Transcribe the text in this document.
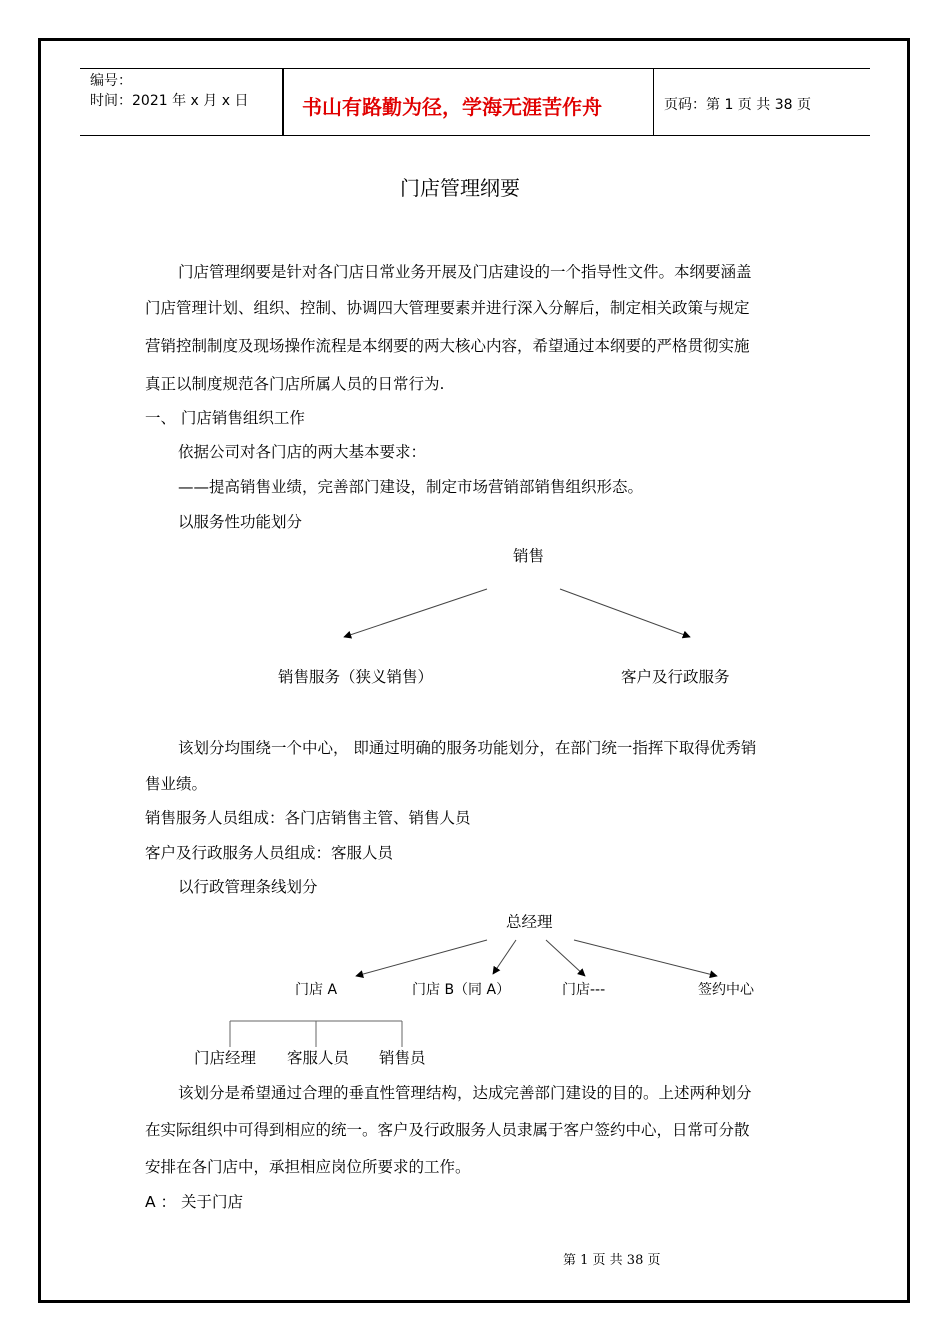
编号：
时间：2021 年 x 月 x 日	书山有路勤为径，学海无涯苦作舟	页码：第 1 页 共 38 页
门店管理纲要
门店管理纲要是针对各门店日常业务开展及门店建设的一个指导性文件。本纲要涵盖
门店管理计划、组织、控制、协调四大管理要素并进行深入分解后，制定相关政策与规定
营销控制制度及现场操作流程是本纲要的两大核心内容，希望通过本纲要的严格贯彻实施
真正以制度规范各门店所属人员的日常行为.
一、 门店销售组织工作
依据公司对各门店的两大基本要求：
——提高销售业绩，完善部门建设，制定市场营销部销售组织形态。
以服务性功能划分
销售
销售服务（狭义销售）	客户及行政服务
该划分均围绕一个中心， 即通过明确的服务功能划分，在部门统一指挥下取得优秀销
售业绩。
销售服务人员组成：各门店销售主管、销售人员
客户及行政服务人员组成：客服人员
以行政管理条线划分
总经理
门店 A	门店 B（同 A）	门店---	签约中心
门店经理 客服人员 销售员
该划分是希望通过合理的垂直性管理结构，达成完善部门建设的目的。上述两种划分
在实际组织中可得到相应的统一。客户及行政服务人员隶属于客户签约中心，日常可分散
安排在各门店中，承担相应岗位所要求的工作。
A ： 关于门店
第 1 页 共 38 页
